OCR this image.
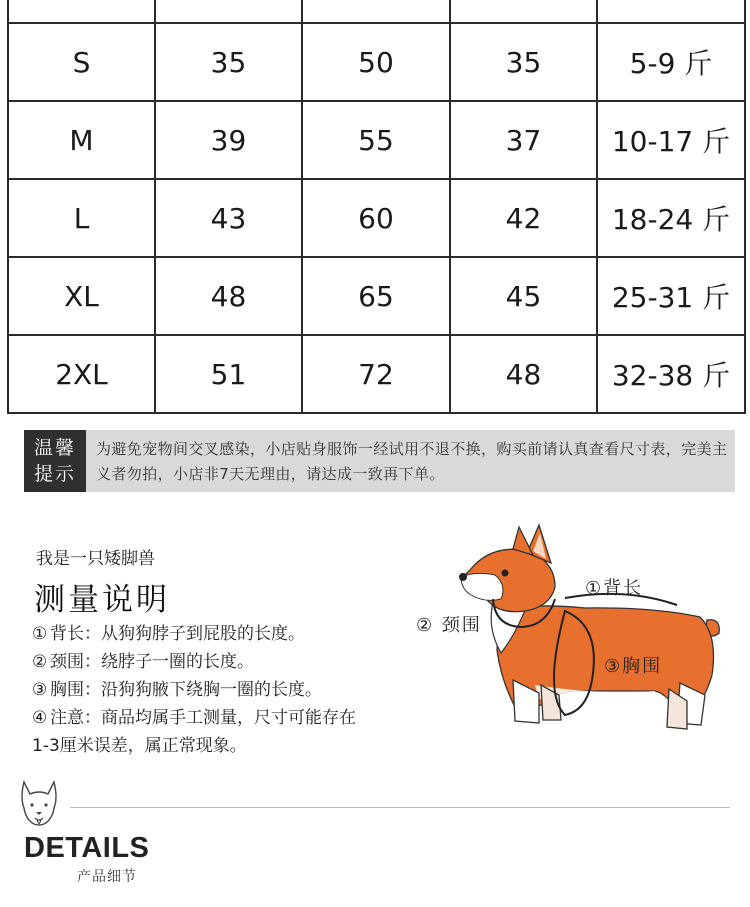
S	35	50	35	5-9 斤
M	39	55	37	10-17 斤
L	43	60	42	18-24 斤
XL	48	65	45	25-31 斤
2XL	51	72	48	32-38 斤
温馨
提示
为避免宠物间交叉感染，小店贴身服饰一经试用不退不换，购买前请认真查看尺寸表，完美主义者勿拍，小店非7天无理由，请达成一致再下单。
我是一只矮脚兽
测量说明
① 背长：从狗狗脖子到屁股的长度。
② 颈围：绕脖子一圈的长度。
③ 胸围：沿狗狗腋下绕胸一圈的长度。
④ 注意：商品均属手工测量，尺寸可能存在
1-3厘米误差，属正常现象。
①背长
② 颈围
③胸围
DETAILS
产品细节
